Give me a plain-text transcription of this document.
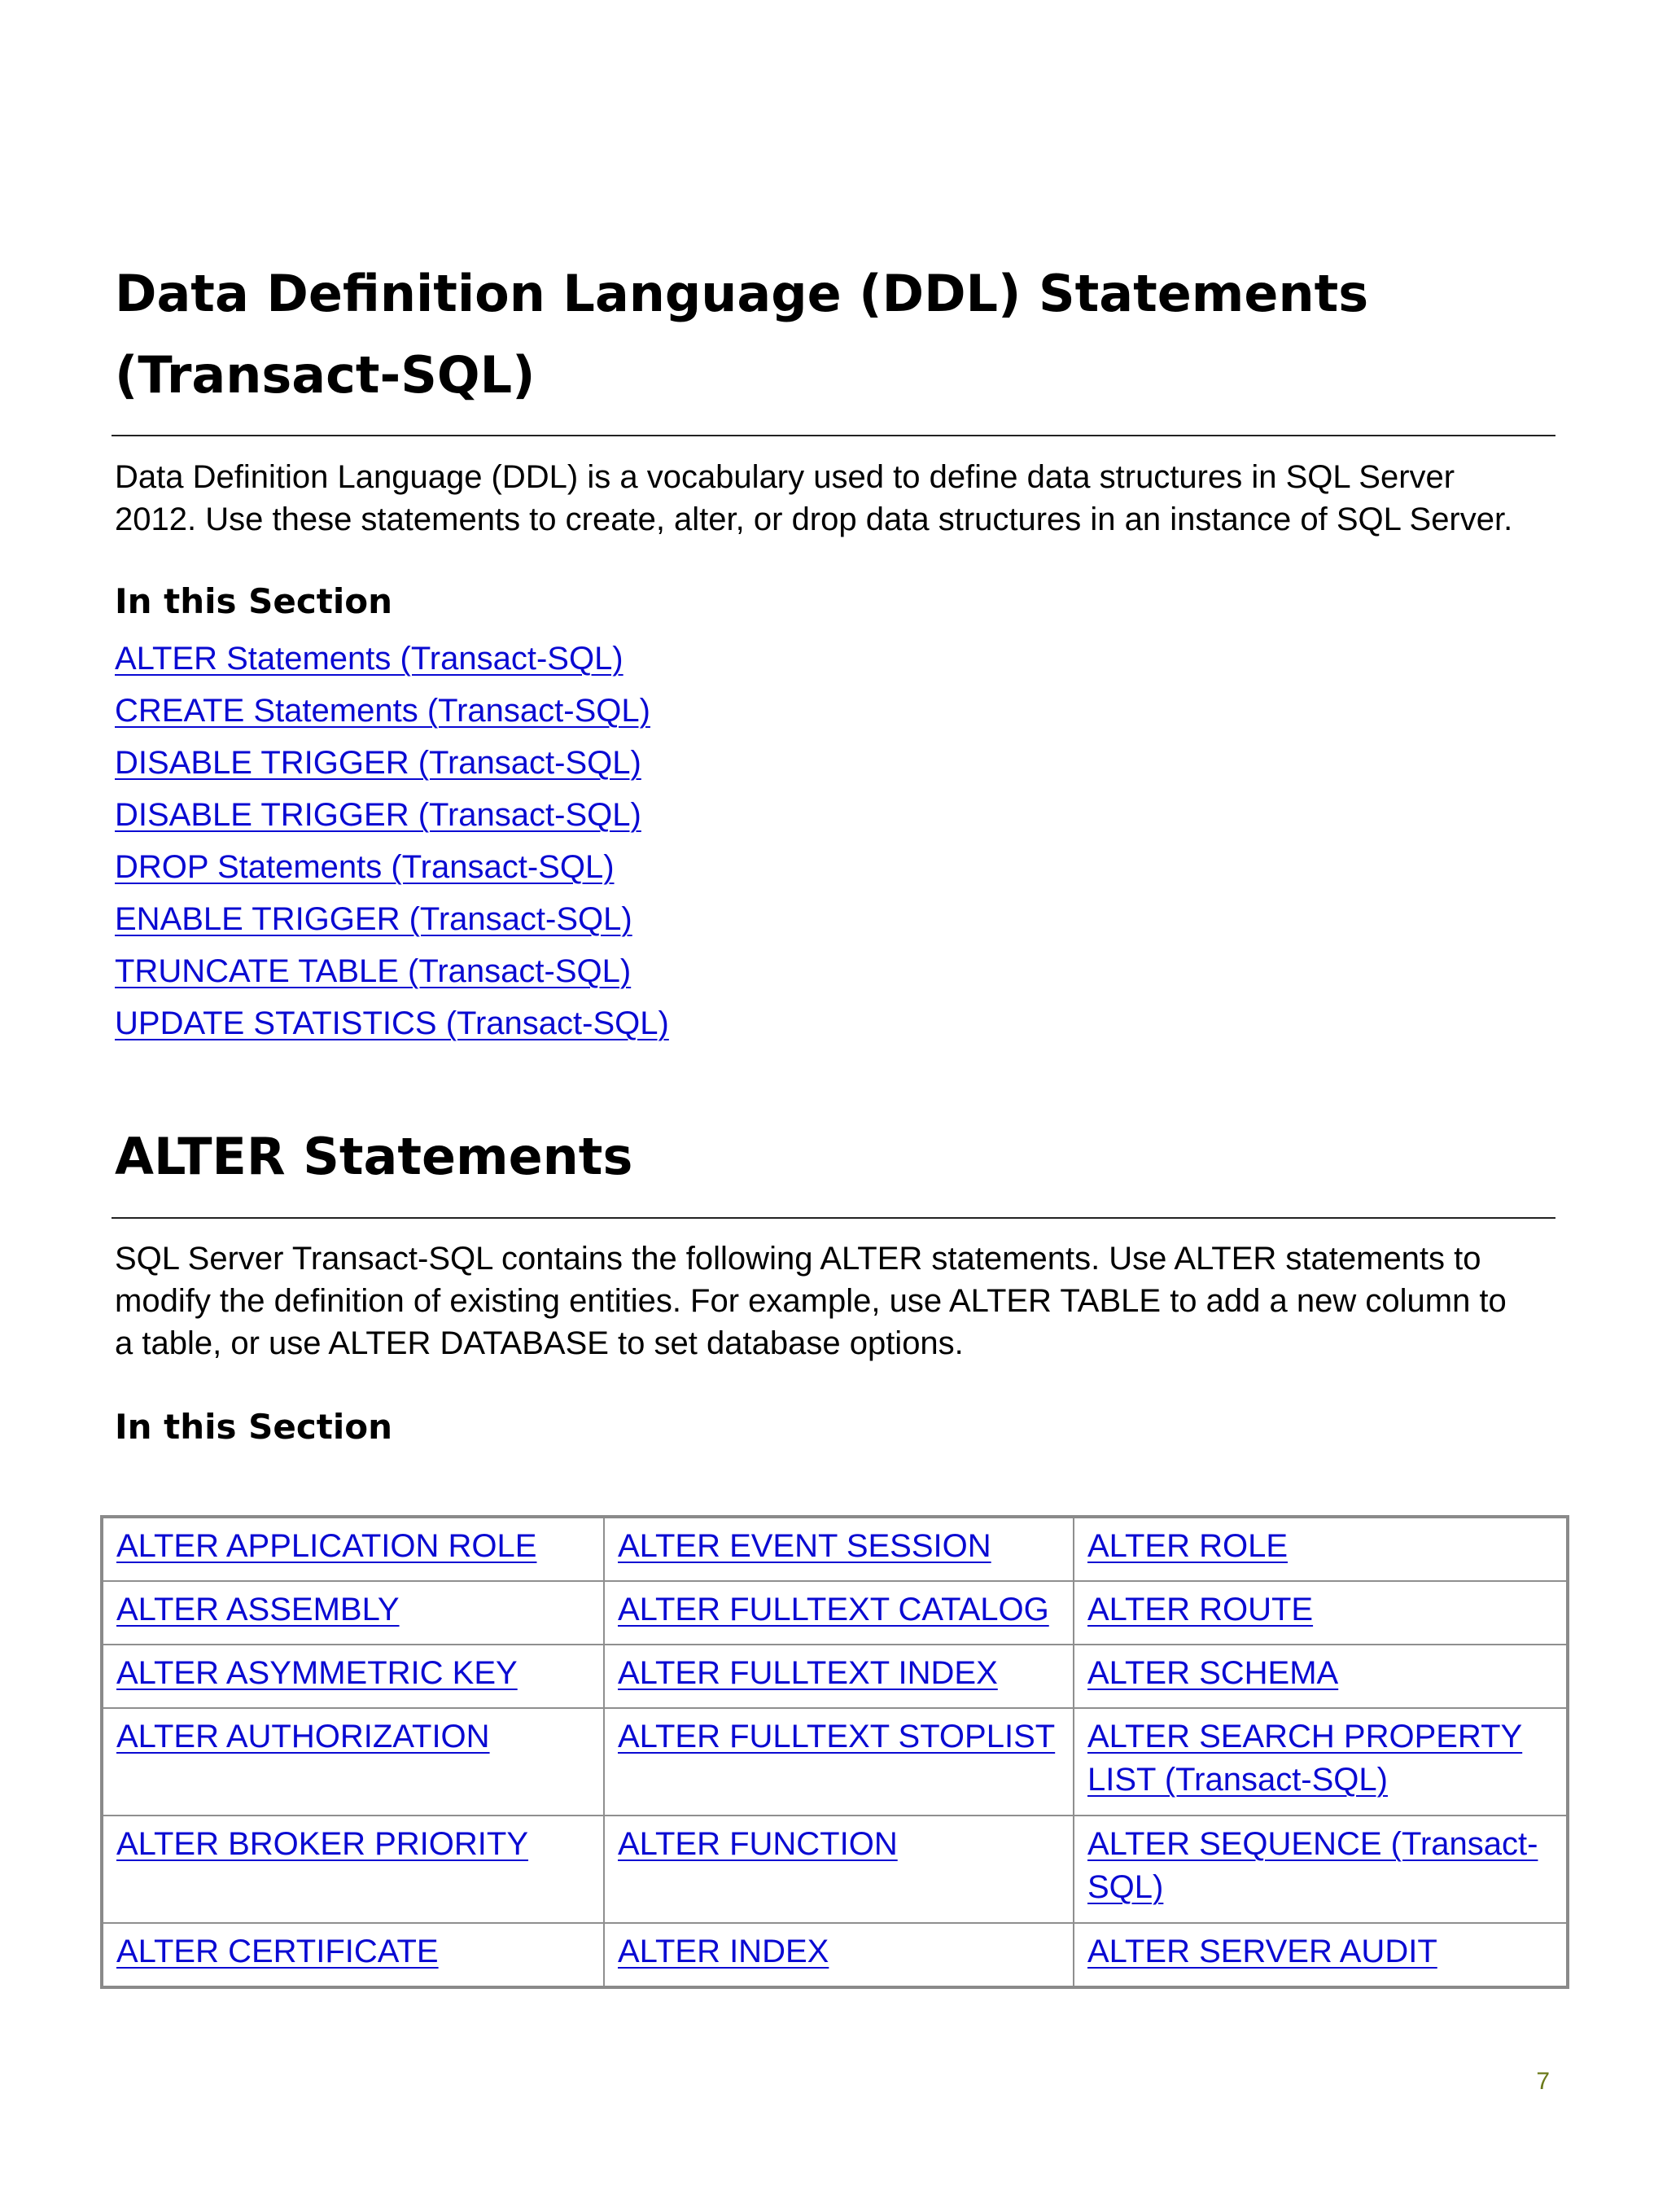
Data Definition Language (DDL) Statements
(Transact-SQL)

Data Definition Language (DDL) is a vocabulary used to define data structures in SQL Server
2012. Use these statements to create, alter, or drop data structures in an instance of SQL Server.

In this Section
ALTER Statements (Transact-SQL)
CREATE Statements (Transact-SQL)
DISABLE TRIGGER (Transact-SQL)
DISABLE TRIGGER (Transact-SQL)
DROP Statements (Transact-SQL)
ENABLE TRIGGER (Transact-SQL)
TRUNCATE TABLE (Transact-SQL)
UPDATE STATISTICS (Transact-SQL)
ALTER Statements

SQL Server Transact-SQL contains the following ALTER statements. Use ALTER statements to
modify the definition of existing entities. For example, use ALTER TABLE to add a new column to
a table, or use ALTER DATABASE to set database options.

In this Section
ALTER APPLICATION ROLE	ALTER EVENT SESSION	ALTER ROLE
ALTER ASSEMBLY	ALTER FULLTEXT CATALOG	ALTER ROUTE
ALTER ASYMMETRIC KEY	ALTER FULLTEXT INDEX	ALTER SCHEMA
ALTER AUTHORIZATION	ALTER FULLTEXT STOPLIST	ALTER SEARCH PROPERTY LIST (Transact-SQL)
ALTER BROKER PRIORITY	ALTER FUNCTION	ALTER SEQUENCE (Transact-SQL)
ALTER CERTIFICATE	ALTER INDEX	ALTER SERVER AUDIT
7
